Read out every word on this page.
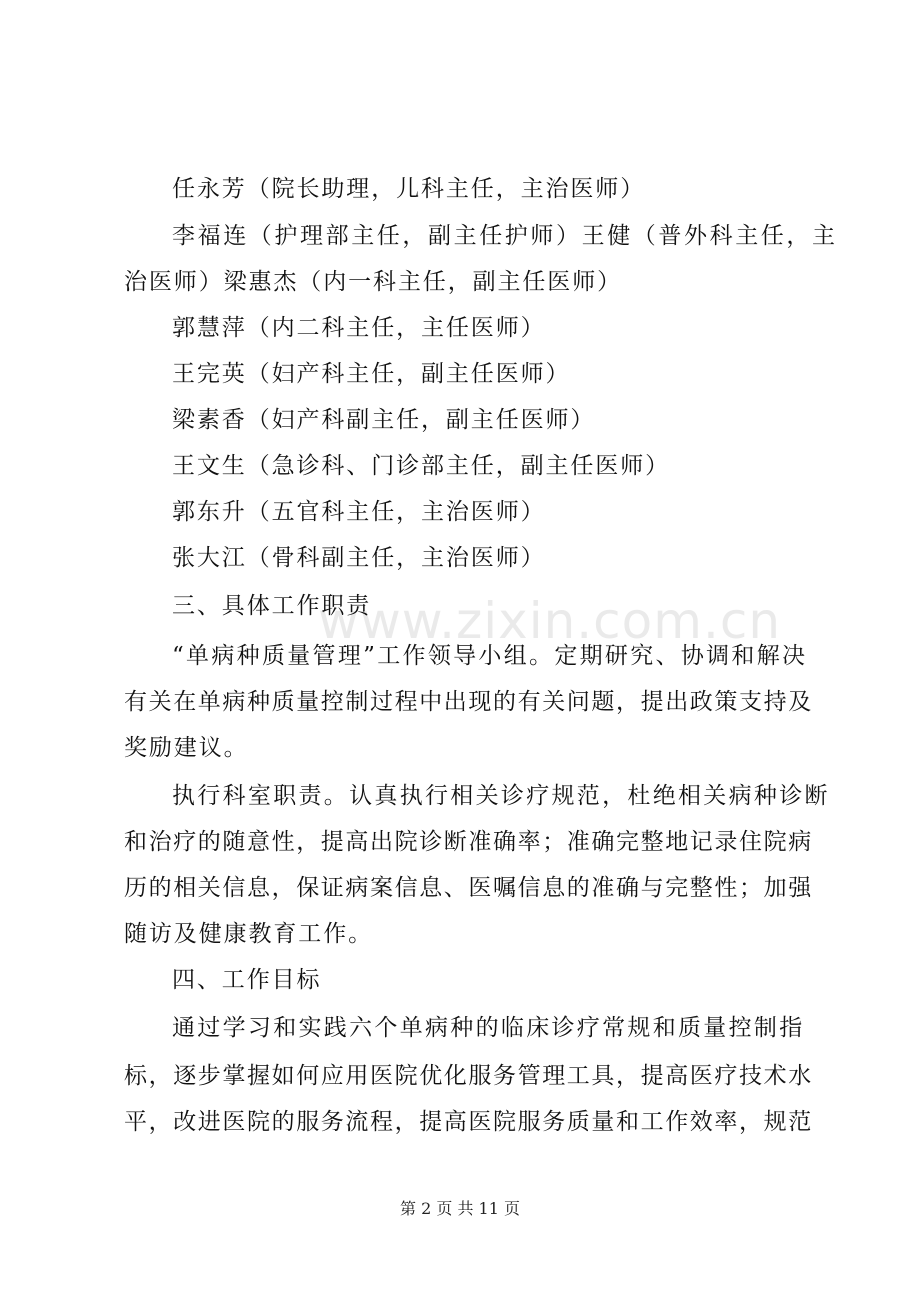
www.zixin.com.cn
任永芳（院长助理，儿科主任，主治医师）
李福连（护理部主任，副主任护师）王健（普外科主任，主
治医师）梁惠杰（内一科主任，副主任医师）
郭慧萍（内二科主任，主任医师）
王完英（妇产科主任，副主任医师）
梁素香（妇产科副主任，副主任医师）
王文生（急诊科、门诊部主任，副主任医师）
郭东升（五官科主任，主治医师）
张大江（骨科副主任，主治医师）
三、具体工作职责
“单病种质量管理”工作领导小组。定期研究、协调和解决
有关在单病种质量控制过程中出现的有关问题，提出政策支持及
奖励建议。
执行科室职责。认真执行相关诊疗规范，杜绝相关病种诊断
和治疗的随意性，提高出院诊断准确率；准确完整地记录住院病
历的相关信息，保证病案信息、医嘱信息的准确与完整性；加强
随访及健康教育工作。
四、工作目标
通过学习和实践六个单病种的临床诊疗常规和质量控制指
标，逐步掌握如何应用医院优化服务管理工具，提高医疗技术水
平，改进医院的服务流程，提高医院服务质量和工作效率，规范
第 2 页 共 11 页
